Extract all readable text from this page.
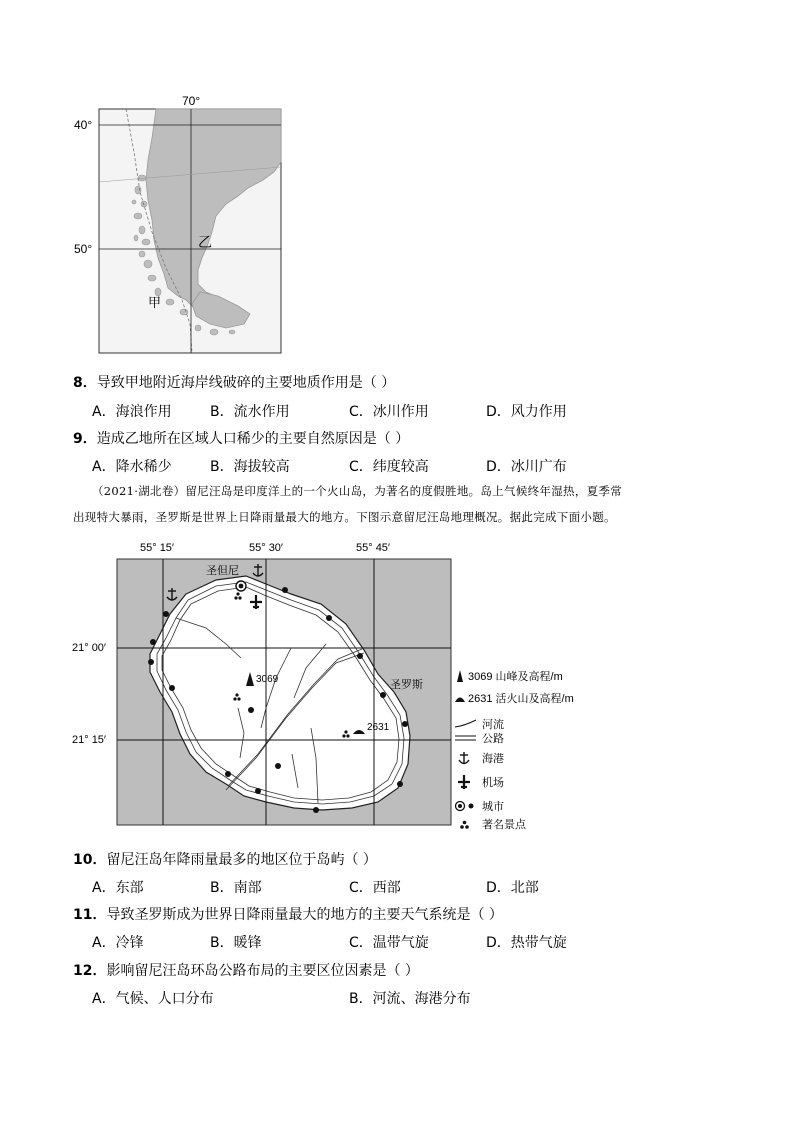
70°
40°
50°	乙
甲
8．导致甲地附近海岸线破碎的主要地质作用是（ ）
A．海浪作用	B．流水作用	C．冰川作用	D．风力作用
9．造成乙地所在区域人口稀少的主要自然原因是（ ）
A．降水稀少	B．海拔较高	C．纬度较高	D．冰川广布
（2021·湖北卷）留尼汪岛是印度洋上的一个火山岛，为著名的度假胜地。岛上气候终年湿热，夏季常
出现特大暴雨，圣罗斯是世界上日降雨量最大的地方。下图示意留尼汪岛地理概况。据此完成下面小题。
55° 15′	55° 30′	55° 45′
21° 00′
21° 15′
圣但尼
圣罗斯
3069
2631
3069 山峰及高程/m
2631 活火山及高程/m
河流
公路
海港
机场
城市
著名景点
10．留尼汪岛年降雨量最多的地区位于岛屿（ ）
A．东部	B．南部	C．西部	D．北部
11．导致圣罗斯成为世界日降雨量最大的地方的主要天气系统是（ ）
A．冷锋	B．暖锋	C．温带气旋	D．热带气旋
12．影响留尼汪岛环岛公路布局的主要区位因素是（ ）
A．气候、人口分布	B．河流、海港分布
